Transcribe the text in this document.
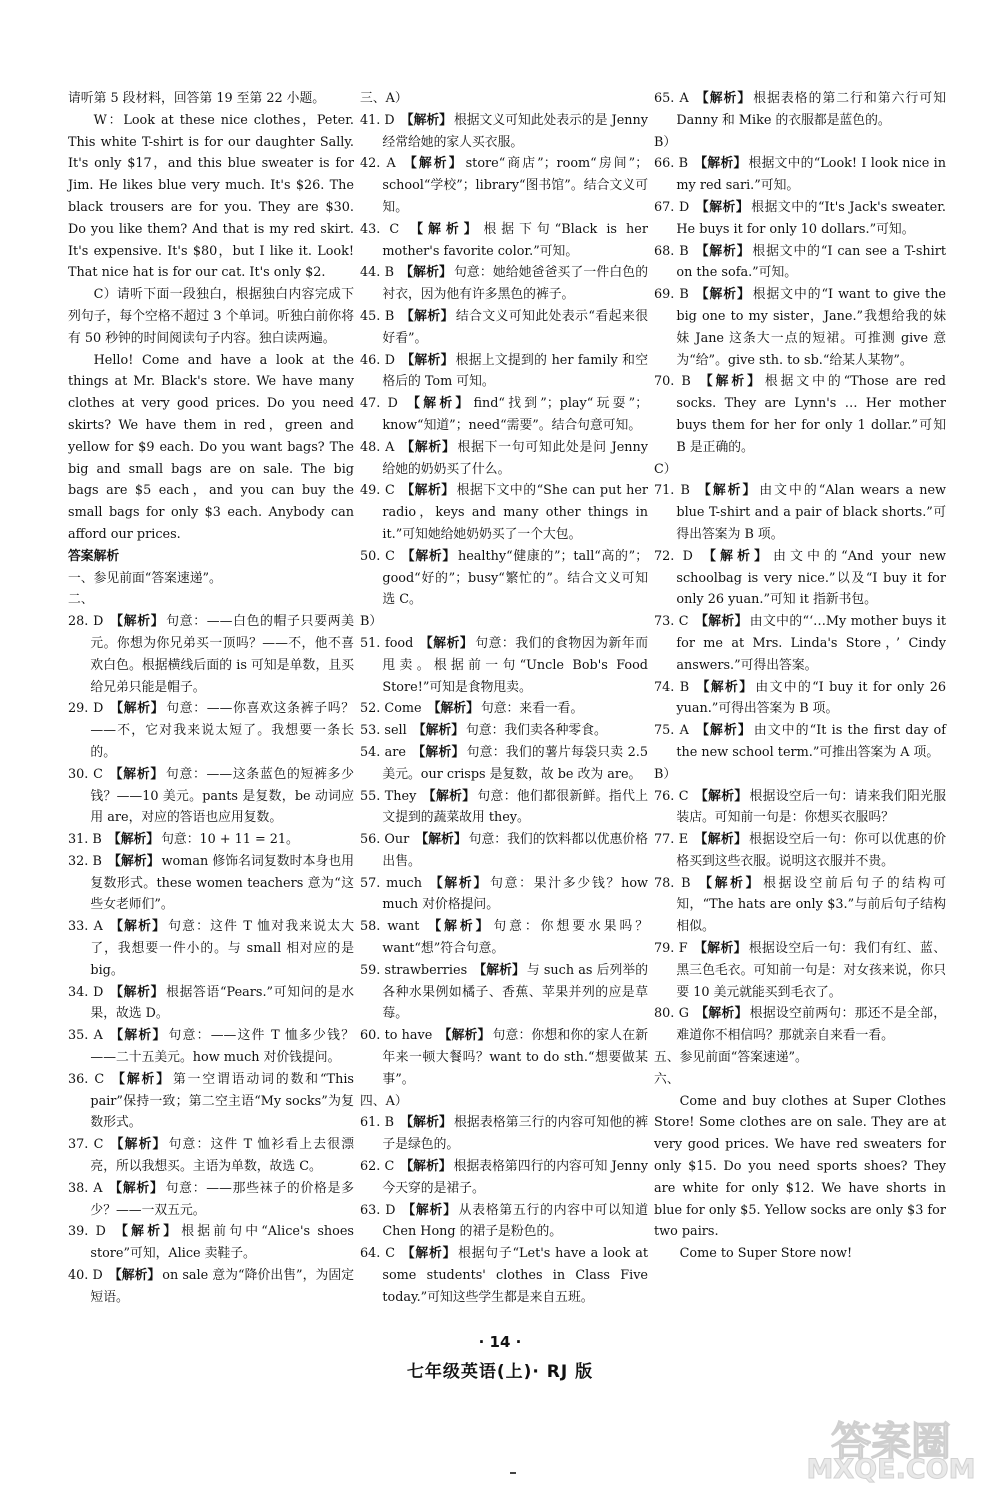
请听第 5 段材料，回答第 19 至第 22 小题。

W：Look at these nice clothes，Peter. This white T-shirt is for our daughter Sally. It's only $17，and this blue sweater is for Jim. He likes blue very much. It's $26. The black trousers are for you. They are $30. Do you like them? And that is my red skirt. It's expensive. It's $80，but I like it. Look! That nice hat is for our cat. It's only $2.

C）请听下面一段独白，根据独白内容完成下列句子，每个空格不超过 3 个单词。听独白前你将有 50 秒钟的时间阅读句子内容。独白读两遍。

Hello! Come and have a look at the things at Mr. Black's store. We have many clothes at very good prices. Do you need skirts? We have them in red，green and yellow for $9 each. Do you want bags? The big and small bags are on sale. The big bags are $5 each，and you can buy the small bags for only $3 each. Anybody can afford our prices.

答案解析

一、参见前面“答案速递”。

二、

28. D 【解析】 句意：——白色的帽子只要两美元。你想为你兄弟买一顶吗？——不，他不喜欢白色。根据横线后面的 is 可知是单数，且买给兄弟只能是帽子。

29. D 【解析】 句意：——你喜欢这条裤子吗？——不，它对我来说太短了。我想要一条长的。

30. C 【解析】 句意：——这条蓝色的短裤多少钱？——10 美元。pants 是复数，be 动词应用 are，对应的答语也应用复数。

31. B 【解析】 句意：10 + 11 = 21。

32. B 【解析】 woman 修饰名词复数时本身也用复数形式。these women teachers 意为“这些女老师们”。

33. A 【解析】 句意：这件 T 恤对我来说太大了，我想要一件小的。与 small 相对应的是 big。

34. D 【解析】 根据答语“Pears.”可知问的是水果，故选 D。

35. A 【解析】 句意：——这件 T 恤多少钱？——二十五美元。how much 对价钱提问。

36. C 【解析】 第一空谓语动词的数和“This pair”保持一致；第二空主语“My socks”为复数形式。

37. C 【解析】 句意：这件 T 恤衫看上去很漂亮，所以我想买。主语为单数，故选 C。

38. A 【解析】 句意：——那些袜子的价格是多少？——一双五元。

39. D 【解析】 根据前句中“Alice's shoes store”可知，Alice 卖鞋子。

40. D 【解析】 on sale 意为“降价出售”，为固定短语。

三、A）

41. D 【解析】 根据文义可知此处表示的是 Jenny 经常给她的家人买衣服。

42. A 【解析】 store“商店”；room“房间”；school“学校”；library“图书馆”。结合文义可知。

43. C 【解析】 根据下句“Black is her mother's favorite color.”可知。

44. B 【解析】 句意：她给她爸爸买了一件白色的衬衣，因为他有许多黑色的裤子。

45. B 【解析】 结合文义可知此处表示“看起来很好看”。

46. D 【解析】 根据上文提到的 her family 和空格后的 Tom 可知。

47. D 【解析】 find“找到”；play“玩耍”；know“知道”；need“需要”。结合句意可知。

48. A 【解析】 根据下一句可知此处是问 Jenny 给她的奶奶买了什么。

49. C 【解析】 根据下文中的“She can put her radio，keys and many other things in it.”可知她给她奶奶买了一个大包。

50. C 【解析】 healthy“健康的”；tall“高的”；good“好的”；busy“繁忙的”。结合文义可知选 C。

B）

51. food 【解析】 句意：我们的食物因为新年而甩卖。根据前一句“Uncle Bob's Food Store!”可知是食物甩卖。

52. Come 【解析】 句意：来看一看。

53. sell 【解析】 句意：我们卖各种零食。

54. are 【解析】 句意：我们的薯片每袋只卖 2.5 美元。our crisps 是复数，故 be 改为 are。

55. They 【解析】 句意：他们都很新鲜。指代上文提到的蔬菜故用 they。

56. Our 【解析】 句意：我们的饮料都以优惠价格出售。

57. much 【解析】 句意：果汁多少钱？how much 对价格提问。

58. want 【解析】 句意：你想要水果吗？want“想”符合句意。

59. strawberries 【解析】 与 such as 后列举的各种水果例如橘子、香蕉、苹果并列的应是草莓。

60. to have 【解析】 句意：你想和你的家人在新年来一顿大餐吗？want to do sth.“想要做某事”。

四、A）

61. B 【解析】 根据表格第三行的内容可知他的裤子是绿色的。

62. C 【解析】 根据表格第四行的内容可知 Jenny 今天穿的是裙子。

63. D 【解析】 从表格第五行的内容中可以知道 Chen Hong 的裙子是粉色的。

64. C 【解析】 根据句子“Let's have a look at some students' clothes in Class Five today.”可知这些学生都是来自五班。

65. A 【解析】 根据表格的第二行和第六行可知 Danny 和 Mike 的衣服都是蓝色的。

B）

66. B 【解析】 根据文中的“Look! I look nice in my red sari.”可知。

67. D 【解析】 根据文中的“It's Jack's sweater. He buys it for only 10 dollars.”可知。

68. B 【解析】 根据文中的“I can see a T-shirt on the sofa.”可知。

69. B 【解析】 根据文中的“I want to give the big one to my sister，Jane.”我想给我的妹妹 Jane 这条大一点的短裙。可推测 give 意为“给”。give sth. to sb.“给某人某物”。

70. B 【解析】 根据文中的“Those are red socks. They are Lynn's … Her mother buys them for her for only 1 dollar.”可知 B 是正确的。

C）

71. B 【解析】 由文中的“Alan wears a new blue T-shirt and a pair of black shorts.”可得出答案为 B 项。

72. D 【解析】 由文中的“And your new schoolbag is very nice.”以及“I buy it for only 26 yuan.”可知 it 指新书包。

73. C 【解析】 由文中的“‘…My mother buys it for me at Mrs. Linda's Store，’ Cindy answers.”可得出答案。

74. B 【解析】 由文中的“I buy it for only 26 yuan.”可得出答案为 B 项。

75. A 【解析】 由文中的“It is the first day of the new school term.”可推出答案为 A 项。

B）

76. C 【解析】 根据设空后一句：请来我们阳光服装店。可知前一句是：你想买衣服吗？

77. E 【解析】 根据设空后一句：你可以优惠的价格买到这些衣服。说明这衣服并不贵。

78. B 【解析】 根据设空前后句子的结构可知，“The hats are only $3.”与前后句子结构相似。

79. F 【解析】 根据设空后一句：我们有红、蓝、黑三色毛衣。可知前一句是：对女孩来说，你只要 10 美元就能买到毛衣了。

80. G 【解析】 根据设空前两句：那还不是全部，难道你不相信吗？那就亲自来看一看。

五、参见前面“答案速递”。

六、

Come and buy clothes at Super Clothes Store! Some clothes are on sale. They are at very good prices. We have red sweaters for only $15. Do you need sports shoes? They are white for only $12. We have shorts in blue for only $5. Yellow socks are only $3 for two pairs.

Come to Super Store now!

· 14 ·
七年级英语(上)· RJ 版
答案圈
MXQE.COM
